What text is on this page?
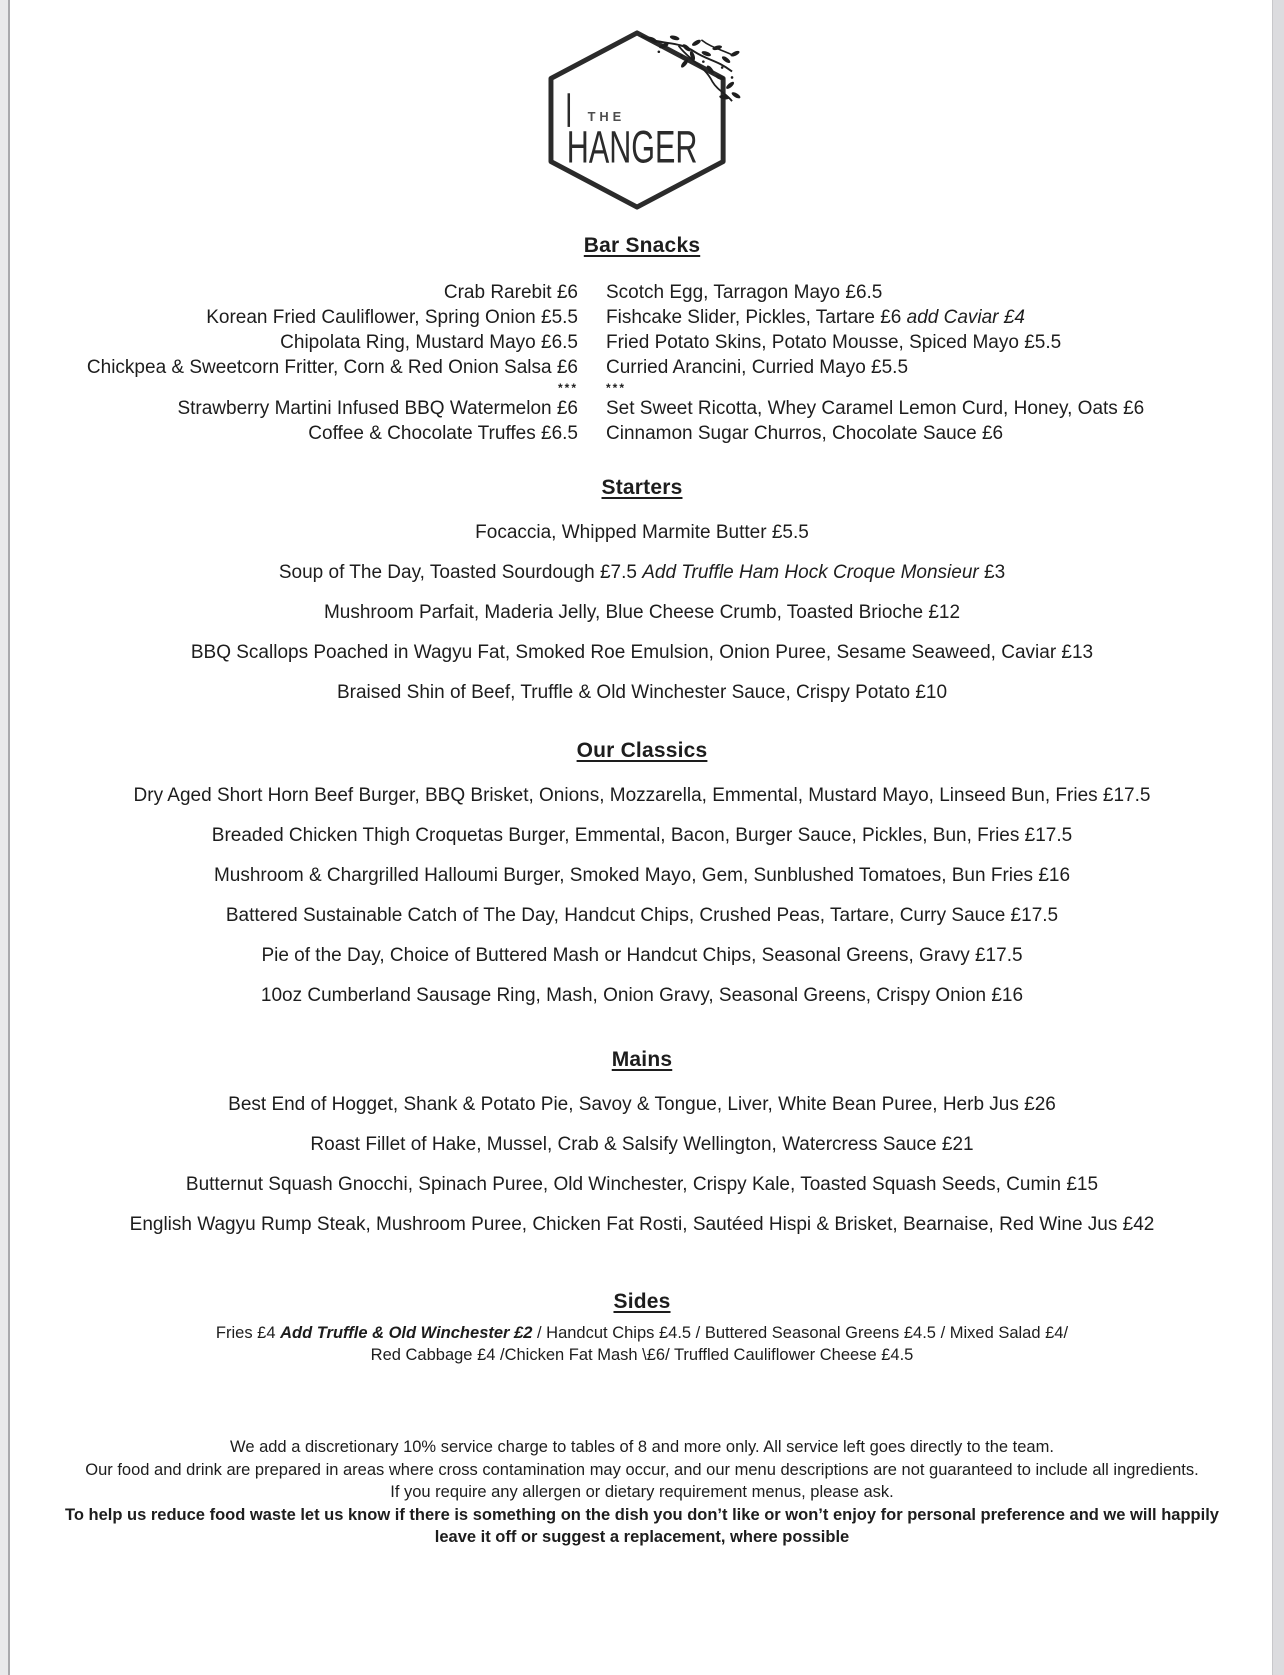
THE
HANGER
Bar Snacks
Crab Rarebit £6
Korean Fried Cauliflower, Spring Onion £5.5
Chipolata Ring, Mustard Mayo £6.5
Chickpea & Sweetcorn Fritter, Corn & Red Onion Salsa £6
***
Strawberry Martini Infused BBQ Watermelon £6
Coffee & Chocolate Truffes £6.5
Scotch Egg, Tarragon Mayo £6.5
Fishcake Slider, Pickles, Tartare £6 add Caviar £4
Fried Potato Skins, Potato Mousse, Spiced Mayo £5.5
Curried Arancini, Curried Mayo £5.5
***
Set Sweet Ricotta, Whey Caramel Lemon Curd, Honey, Oats £6
Cinnamon Sugar Churros, Chocolate Sauce £6
Starters
Focaccia, Whipped Marmite Butter £5.5
Soup of The Day, Toasted Sourdough £7.5 Add Truffle Ham Hock Croque Monsieur £3
Mushroom Parfait, Maderia Jelly, Blue Cheese Crumb, Toasted Brioche £12
BBQ Scallops Poached in Wagyu Fat, Smoked Roe Emulsion, Onion Puree, Sesame Seaweed, Caviar £13
Braised Shin of Beef, Truffle & Old Winchester Sauce, Crispy Potato £10
Our Classics
Dry Aged Short Horn Beef Burger, BBQ Brisket, Onions, Mozzarella, Emmental, Mustard Mayo, Linseed Bun, Fries £17.5
Breaded Chicken Thigh Croquetas Burger, Emmental, Bacon, Burger Sauce, Pickles, Bun, Fries £17.5
Mushroom & Chargrilled Halloumi Burger, Smoked Mayo, Gem, Sunblushed Tomatoes, Bun Fries £16
Battered Sustainable Catch of The Day, Handcut Chips, Crushed Peas, Tartare, Curry Sauce £17.5
Pie of the Day, Choice of Buttered Mash or Handcut Chips, Seasonal Greens, Gravy £17.5
10oz Cumberland Sausage Ring, Mash, Onion Gravy, Seasonal Greens, Crispy Onion £16
Mains
Best End of Hogget, Shank & Potato Pie, Savoy & Tongue, Liver, White Bean Puree, Herb Jus £26
Roast Fillet of Hake, Mussel, Crab & Salsify Wellington, Watercress Sauce £21
Butternut Squash Gnocchi, Spinach Puree, Old Winchester, Crispy Kale, Toasted Squash Seeds, Cumin £15
English Wagyu Rump Steak, Mushroom Puree, Chicken Fat Rosti, Sautéed Hispi & Brisket, Bearnaise, Red Wine Jus £42
Sides
Fries £4 Add Truffle & Old Winchester £2 / Handcut Chips £4.5 / Buttered Seasonal Greens £4.5 / Mixed Salad £4/
Red Cabbage £4 /Chicken Fat Mash \£6/ Truffled Cauliflower Cheese £4.5
We add a discretionary 10% service charge to tables of 8 and more only. All service left goes directly to the team.
Our food and drink are prepared in areas where cross contamination may occur, and our menu descriptions are not guaranteed to include all ingredients.
If you require any allergen or dietary requirement menus, please ask.
To help us reduce food waste let us know if there is something on the dish you don’t like or won’t enjoy for personal preference and we will happily
leave it off or suggest a replacement, where possible
